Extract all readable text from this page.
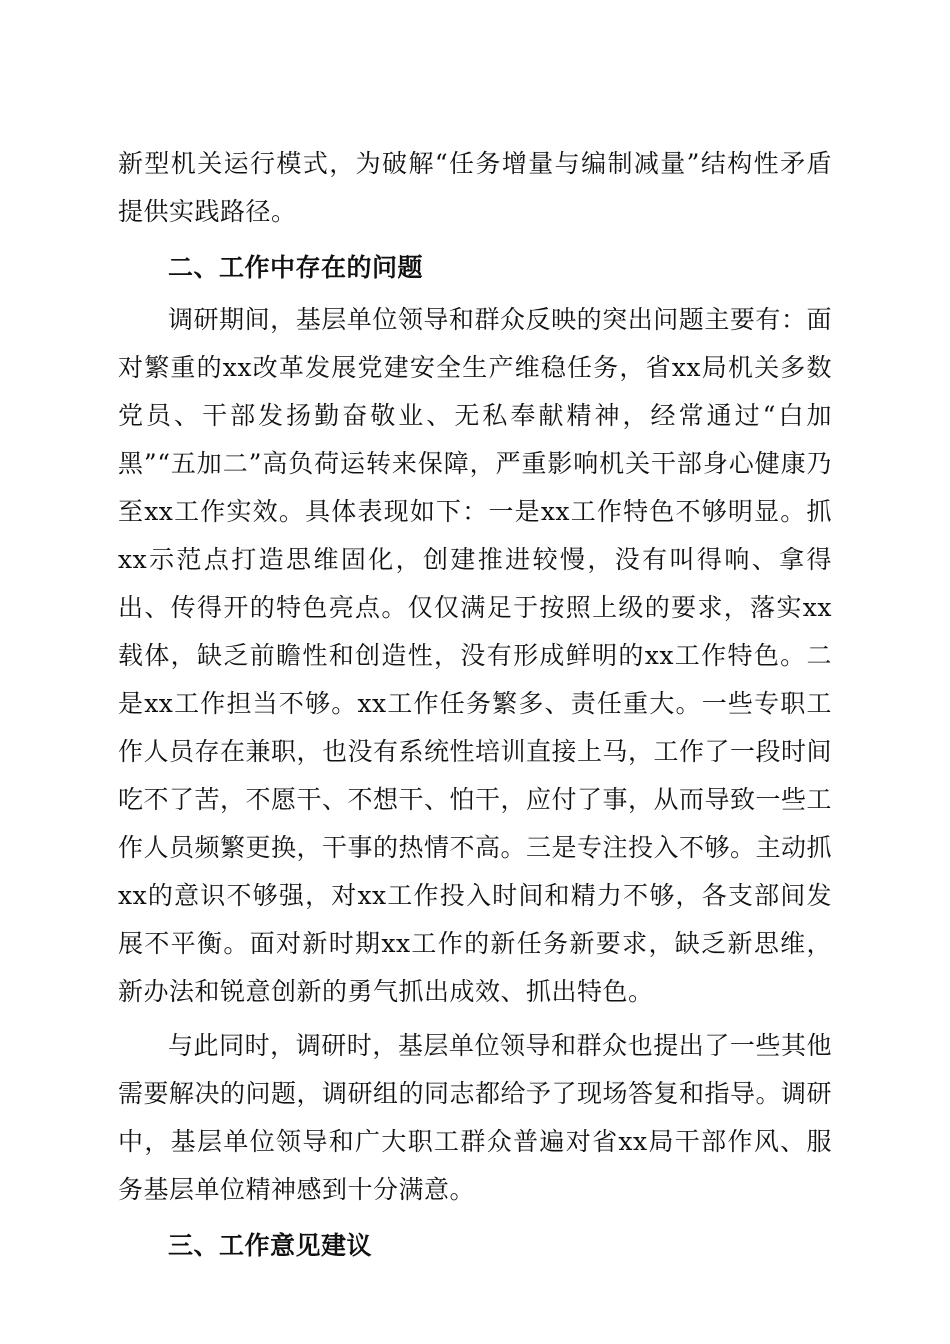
新型机关运行模式，为破解“任务增量与编制减量”结构性矛盾提供实践路径。

二、工作中存在的问题

调研期间，基层单位领导和群众反映的突出问题主要有：面对繁重的xx改革发展党建安全生产维稳任务，省xx局机关多数党员、干部发扬勤奋敬业、无私奉献精神，经常通过“白加黑”“五加二”高负荷运转来保障，严重影响机关干部身心健康乃至xx工作实效。具体表现如下：一是xx工作特色不够明显。抓xx示范点打造思维固化，创建推进较慢，没有叫得响、拿得出、传得开的特色亮点。仅仅满足于按照上级的要求，落实xx载体，缺乏前瞻性和创造性，没有形成鲜明的xx工作特色。二是xx工作担当不够。xx工作任务繁多、责任重大。一些专职工作人员存在兼职，也没有系统性培训直接上马，工作了一段时间吃不了苦，不愿干、不想干、怕干，应付了事，从而导致一些工作人员频繁更换，干事的热情不高。三是专注投入不够。主动抓xx的意识不够强，对xx工作投入时间和精力不够，各支部间发展不平衡。面对新时期xx工作的新任务新要求，缺乏新思维，新办法和锐意创新的勇气抓出成效、抓出特色。

与此同时，调研时，基层单位领导和群众也提出了一些其他需要解决的问题，调研组的同志都给予了现场答复和指导。调研中，基层单位领导和广大职工群众普遍对省xx局干部作风、服务基层单位精神感到十分满意。

三、工作意见建议
